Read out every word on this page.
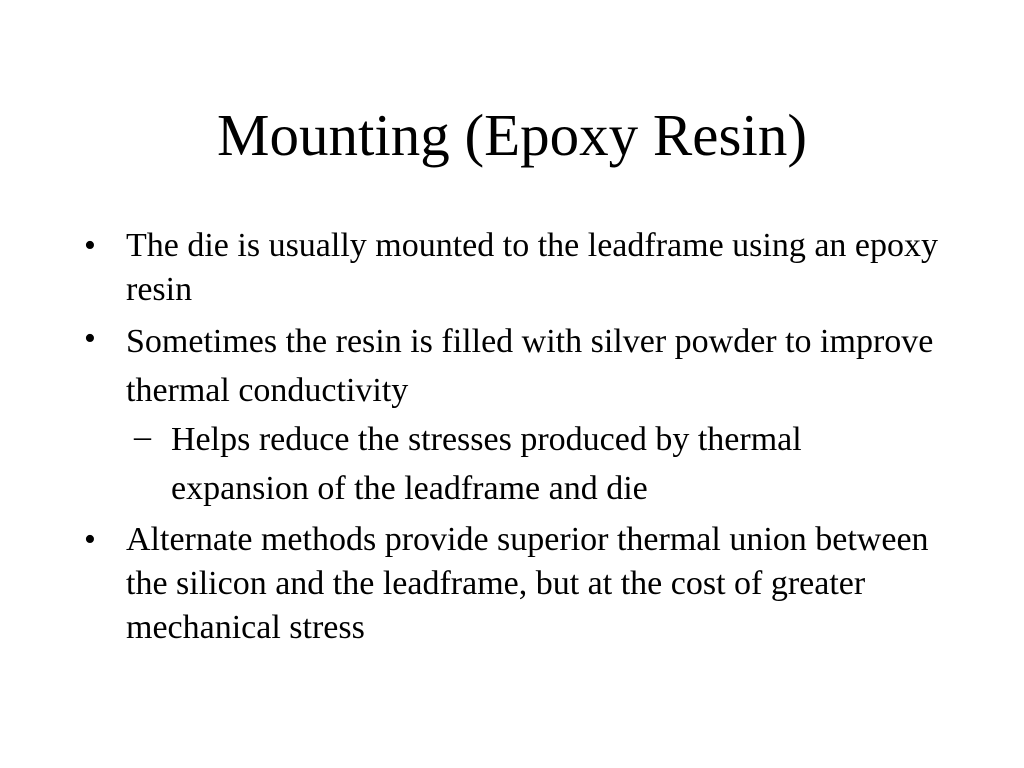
Mounting (Epoxy Resin)
• The die is usually mounted to the leadframe using an epoxy resin
• Sometimes the resin is filled with silver powder to improve thermal conductivity
– Helps reduce the stresses produced by thermal expansion of the leadframe and die
• Alternate methods provide superior thermal union between the silicon and the leadframe, but at the cost of greater mechanical stress
